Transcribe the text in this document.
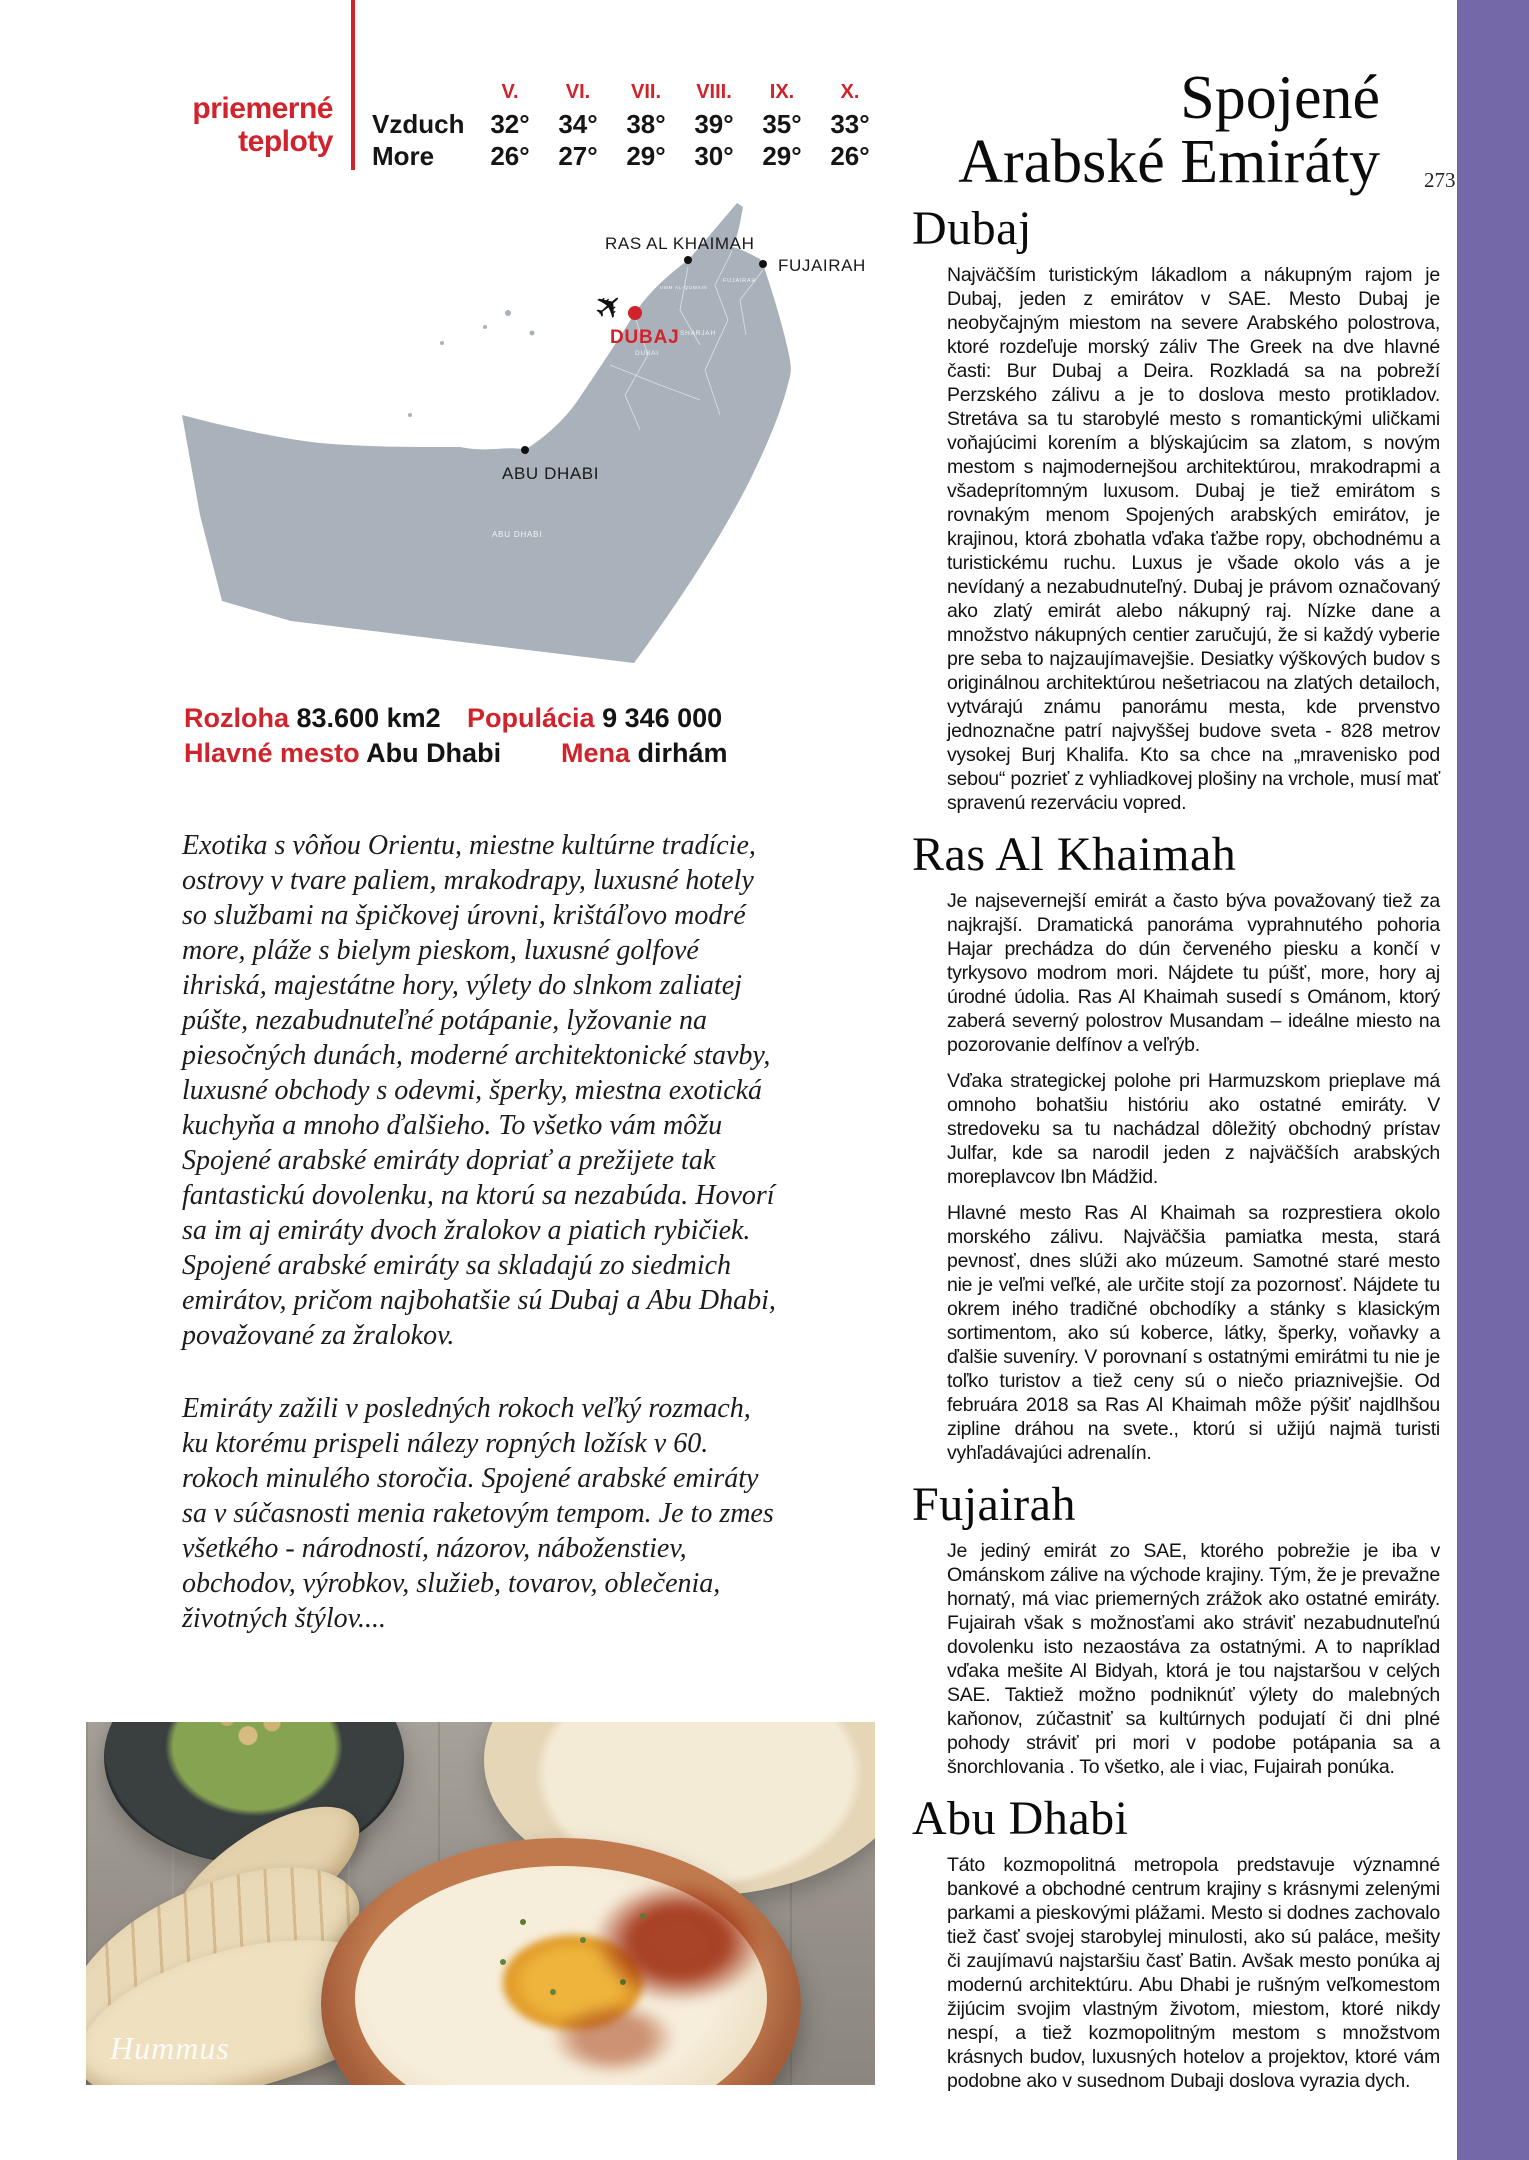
priemerné
teploty
V.	VI.	VII.	VIII.	IX.	X.
Vzduch 32°	34°	38°	39°	35°	33°
More	26°	27°	29°	30°	29°	26°
Spojené
Arabské Emiráty 273
ABU DHABI
DUBAI
SHARJAH
FUJAIRAH
UMM AL-QUWAIN
✈
RAS AL KHAIMAH
FUJAIRAH
ABU DHABI
DUBAJ
Rozloha 83.600 km2 Populácia 9 346 000
Hlavné mesto Abu Dhabi Mena dirhám

Exotika s vôňou Orientu, miestne kultúrne tradície, ostrovy v tvare paliem, mrakodrapy, luxusné hotely so službami na špičkovej úrovni, krištáľovo modré more, pláže s bielym pieskom, luxusné golfové ihriská, majestátne hory, výlety do slnkom zaliatej púšte, nezabudnuteľné potápanie, lyžovanie na piesočných dunách, moderné architektonické stavby, luxusné obchody s odevmi, šperky, miestna exotická kuchyňa a mnoho ďalšieho. To všetko vám môžu Spojené arabské emiráty dopriať a prežijete tak fantastickú dovolenku, na ktorú sa nezabúda. Hovorí sa im aj emiráty dvoch žralokov a piatich rybičiek. Spojené arabské emiráty sa skladajú zo siedmich emirátov, pričom najbohatšie sú Dubaj a Abu Dhabi, považované za žralokov.

Emiráty zažili v posledných rokoch veľký rozmach, ku ktorému prispeli nálezy ropných ložísk v 60. rokoch minulého storočia. Spojené arabské emiráty sa v súčasnosti menia raketovým tempom. Je to zmes všetkého - národností, názorov, náboženstiev, obchodov, výrobkov, služieb, tovarov, oblečenia, životných štýlov....

Dubaj

Najväčším turistickým lákadlom a nákupným rajom je Dubaj, jeden z emirátov v SAE. Mesto Dubaj je neobyčajným miestom na severe Arabského polostrova, ktoré rozdeľuje morský záliv The Greek na dve hlavné časti: Bur Dubaj a Deira. Rozkladá sa na pobreží Perzského zálivu a je to doslova mesto protikladov. Stretáva sa tu starobylé mesto s romantickými uličkami voňajúcimi korením a blýskajúcim sa zlatom, s novým mestom s najmodernejšou architektúrou, mrakodrapmi a všadeprítomným luxusom. Dubaj je tiež emirátom s rovnakým menom Spojených arabských emirátov, je krajinou, ktorá zbohatla vďaka ťažbe ropy, obchodnému a turistickému ruchu. Luxus je všade okolo vás a je nevídaný a nezabudnuteľný. Dubaj je právom označovaný ako zlatý emirát alebo nákupný raj. Nízke dane a množstvo nákupných centier zaručujú, že si každý vyberie pre seba to najzaujímavejšie. Desiatky výškových budov s originálnou architektúrou nešetriacou na zlatých detailoch, vytvárajú známu panorámu mesta, kde prvenstvo jednoznačne patrí najvyššej budove sveta - 828 metrov vysokej Burj Khalifa. Kto sa chce na „mravenisko pod sebou“ pozrieť z vyhliadkovej plošiny na vrchole, musí mať spravenú rezerváciu vopred.

Ras Al Khaimah

Je najsevernejší emirát a často býva považovaný tiež za najkrajší. Dramatická panoráma vyprahnutého pohoria Hajar prechádza do dún červeného piesku a končí v tyrkysovo modrom mori. Nájdete tu púšť, more, hory aj úrodné údolia. Ras Al Khaimah susedí s Ománom, ktorý zaberá severný polostrov Musandam – ideálne miesto na pozorovanie delfínov a veľrýb.

Vďaka strategickej polohe pri Harmuzskom prieplave má omnoho bohatšiu históriu ako ostatné emiráty. V stredoveku sa tu nachádzal dôležitý obchodný prístav Julfar, kde sa narodil jeden z najväčších arabských moreplavcov Ibn Mádžid.

Hlavné mesto Ras Al Khaimah sa rozprestiera okolo morského zálivu. Najväčšia pamiatka mesta, stará pevnosť, dnes slúži ako múzeum. Samotné staré mesto nie je veľmi veľké, ale určite stojí za pozornosť. Nájdete tu okrem iného tradičné obchodíky a stánky s klasickým sortimentom, ako sú koberce, látky, šperky, voňavky a ďalšie suveníry. V porovnaní s ostatnými emirátmi tu nie je toľko turistov a tiež ceny sú o niečo priaznivejšie. Od februára 2018 sa Ras Al Khaimah môže pýšiť najdlhšou zipline dráhou na svete., ktorú si užijú najmä turisti vyhľadávajúci adrenalín.

Fujairah

Je jediný emirát zo SAE, ktorého pobrežie je iba v Ománskom zálive na východe krajiny. Tým, že je prevažne hornatý, má viac priemerných zrážok ako ostatné emiráty. Fujairah však s možnosťami ako stráviť nezabudnuteľnú dovolenku isto nezaostáva za ostatnými. A to napríklad vďaka mešite Al Bidyah, ktorá je tou najstaršou v celých SAE. Taktiež možno podniknúť výlety do malebných kaňonov, zúčastniť sa kultúrnych podujatí či dni plné pohody stráviť pri mori v podobe potápania sa a šnorchlovania . To všetko, ale i viac, Fujairah ponúka.

Abu Dhabi

Táto kozmopolitná metropola predstavuje významné bankové a obchodné centrum krajiny s krásnymi zelenými parkami a pieskovými plážami. Mesto si dodnes zachovalo tiež časť svojej starobylej minulosti, ako sú paláce, mešity či zaujímavú najstaršiu časť Batin. Avšak mesto ponúka aj modernú architektúru. Abu Dhabi je rušným veľkomestom žijúcim svojim vlastným životom, miestom, ktoré nikdy nespí, a tiež kozmopolitným mestom s množstvom krásnych budov, luxusných hotelov a projektov, ktoré vám podobne ako v susednom Dubaji doslova vyrazia dych.

Hummus
